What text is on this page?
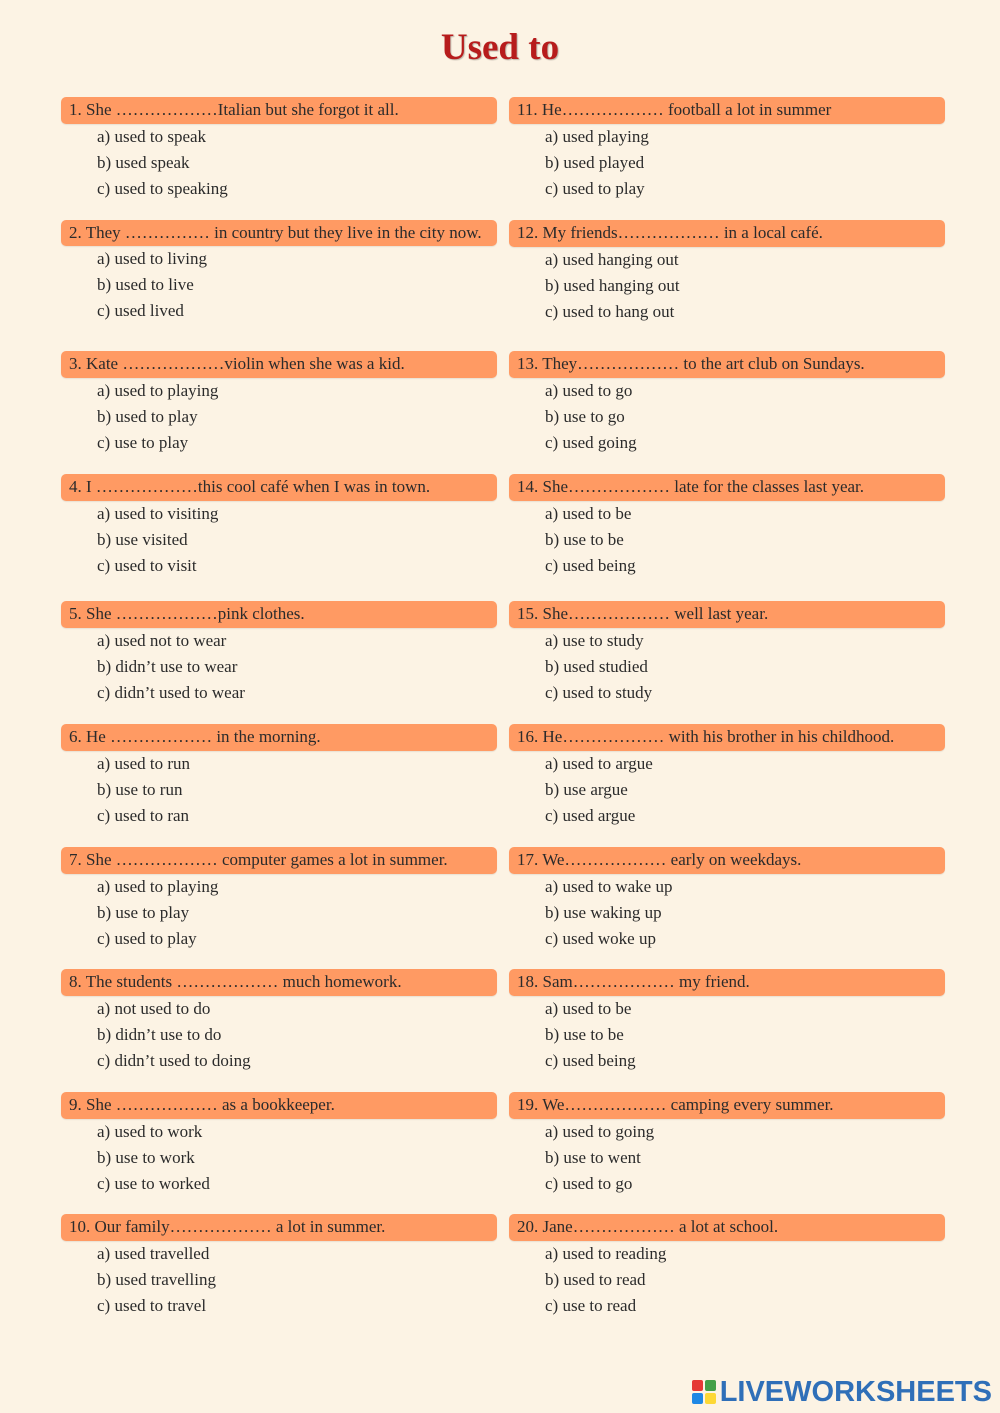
Used to
1. She ………………Italian but she forgot it all.
a) used to speak
b) used speak
c) used to speaking
2. They …………… in country but they live in the city now.
a) used to living
b) used to live
c) used lived
3. Kate ………………violin when she was a kid.
a) used to playing
b) used to play
c) use to play
4. I ………………this cool café when I was in town.
a) used to visiting
b) use visited
c) used to visit
5. She ………………pink clothes.
a) used not to wear
b) didn’t use to wear
c) didn’t used to wear
6. He ……………… in the morning.
a) used to run
b) use to run
c) used to ran
7. She ……………… computer games a lot in summer.
a) used to playing
b) use to play
c) used to play
8. The students ……………… much homework.
a) not used to do
b) didn’t use to do
c) didn’t used to doing
9. She ……………… as a bookkeeper.
a) used to work
b) use to work
c) use to worked
10. Our family……………… a lot in summer.
a) used travelled
b) used travelling
c) used to travel
11. He……………… football a lot in summer
a) used playing
b) used played
c) used to play
12. My friends……………… in a local café.
a) used hanging out
b) used hanging out
c) used to hang out
13. They……………… to the art club on Sundays.
a) used to go
b) use to go
c) used going
14. She……………… late for the classes last year.
a) used to be
b) use to be
c) used being
15. She……………… well last year.
a) use to study
b) used studied
c) used to study
16. He……………… with his brother in his childhood.
a) used to argue
b) use argue
c) used argue
17. We……………… early on weekdays.
a) used to wake up
b) use waking up
c) used woke up
18. Sam……………… my friend.
a) used to be
b) use to be
c) used being
19. We……………… camping every summer.
a) used to going
b) use to went
c) used to go
20. Jane……………… a lot at school.
a) used to reading
b) used to read
c) use to read
LIVEWORKSHEETS
